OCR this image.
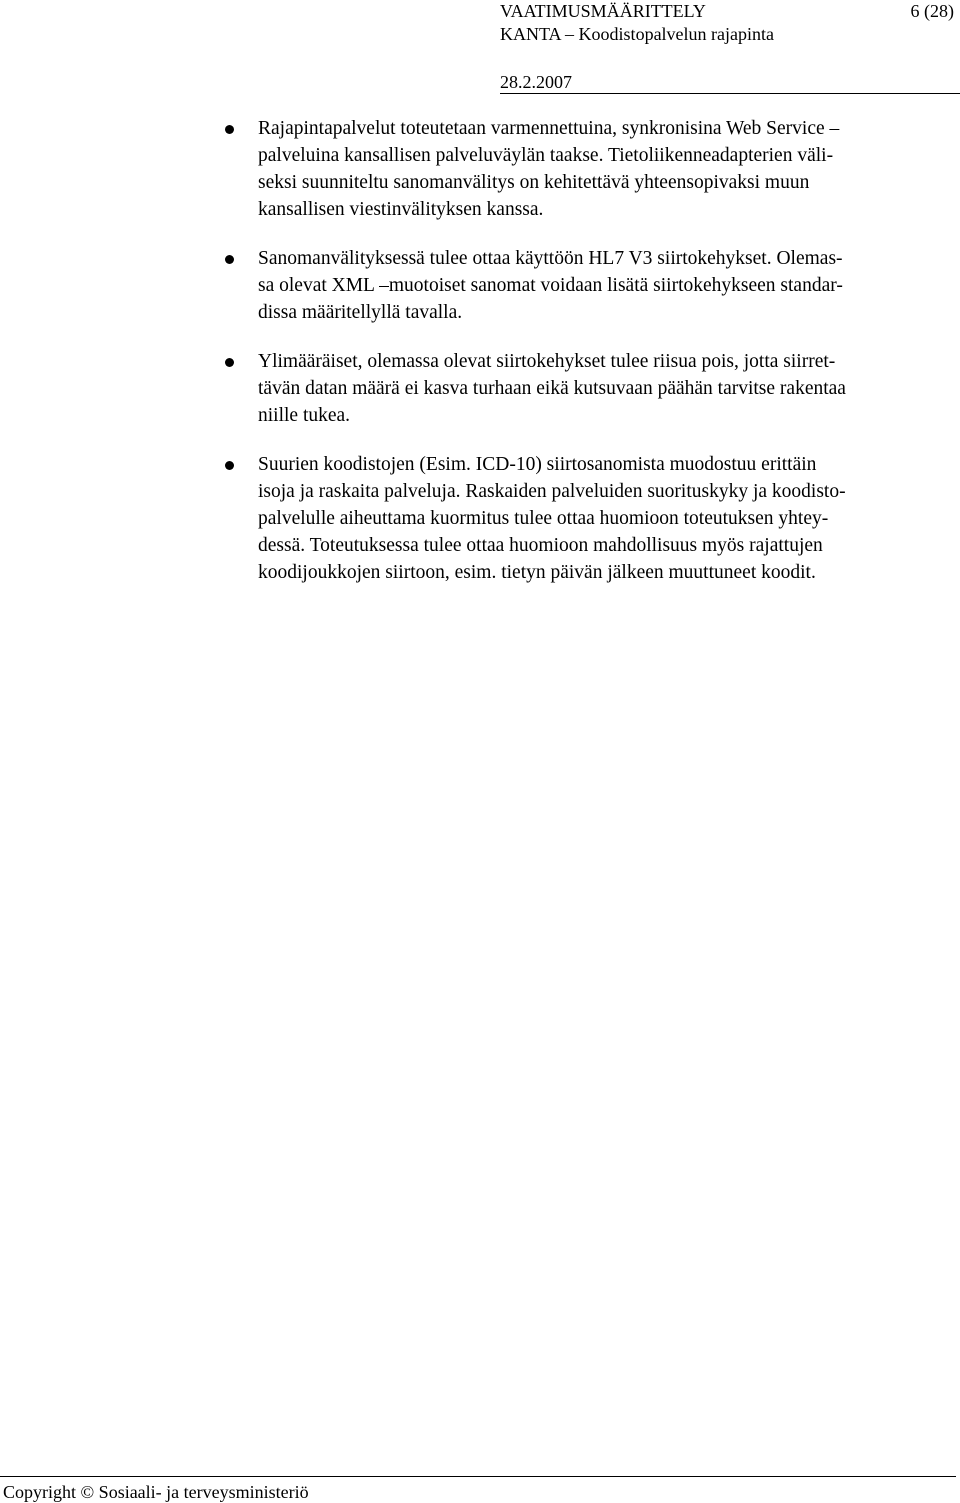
VAATIMUSMÄÄRITTELY	6 (28)
KANTA – Koodistopalvelun rajapinta
28.2.2007
Rajapintapalvelut toteutetaan varmennettuina, synkronisina Web Service –
palveluina kansallisen palveluväylän taakse. Tietoliikenneadapterien väli-
seksi suunniteltu sanomanvälitys on kehitettävä yhteensopivaksi muun
kansallisen viestinvälityksen kanssa.
Sanomanvälityksessä tulee ottaa käyttöön HL7 V3 siirtokehykset. Olemas-
sa olevat XML –muotoiset sanomat voidaan lisätä siirtokehykseen standar-
dissa määritellyllä tavalla.
Ylimääräiset, olemassa olevat siirtokehykset tulee riisua pois, jotta siirret-
tävän datan määrä ei kasva turhaan eikä kutsuvaan päähän tarvitse rakentaa
niille tukea.
Suurien koodistojen (Esim. ICD-10) siirtosanomista muodostuu erittäin
isoja ja raskaita palveluja. Raskaiden palveluiden suorituskyky ja koodisto-
palvelulle aiheuttama kuormitus tulee ottaa huomioon toteutuksen yhtey-
dessä. Toteutuksessa tulee ottaa huomioon mahdollisuus myös rajattujen
koodijoukkojen siirtoon, esim. tietyn päivän jälkeen muuttuneet koodit.
Copyright © Sosiaali- ja terveysministeriö
